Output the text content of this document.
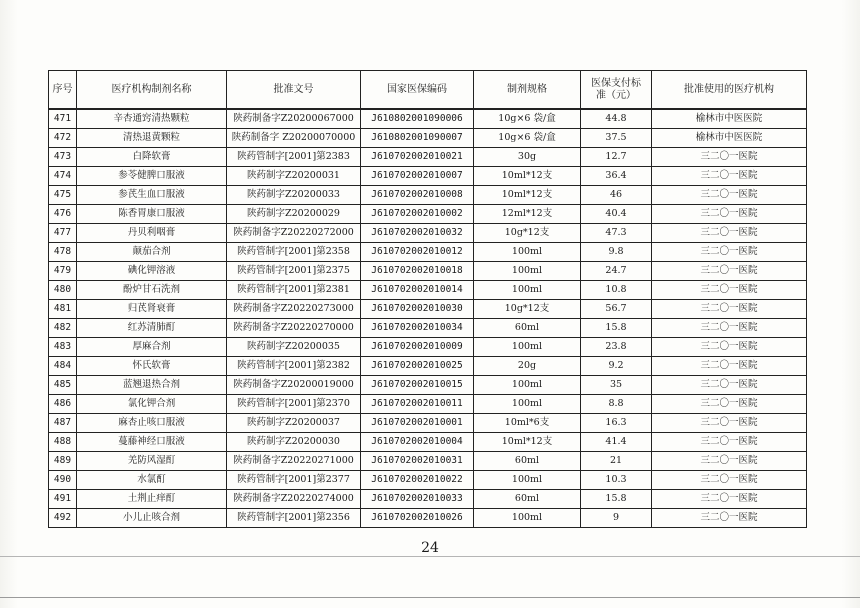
序号	医疗机构制剂名称	批准文号	国家医保编码	制剂规格	医保支付标准（元）	批准使用的医疗机构
471	辛杏通窍清热颗粒	陕药制备字Z20200067000	J610802001090006	10g×6 袋/盒	44.8	榆林市中医医院
472	清热退黄颗粒	陕药制备字 Z20200070000	J610802001090007	10g×6 袋/盒	37.5	榆林市中医医院
473	白降软膏	陕药管制字[2001]第2383	J610702002010021	30g	12.7	三二〇一医院
474	参苓健脾口服液	陕药制字Z20200031	J610702002010007	10ml*12支	36.4	三二〇一医院
475	参芪生血口服液	陕药制字Z20200033	J610702002010008	10ml*12支	46	三二〇一医院
476	陈香胃康口服液	陕药制字Z20200029	J610702002010002	12ml*12支	40.4	三二〇一医院
477	丹贝利咽膏	陕药制备字Z20220272000	J610702002010032	10g*12支	47.3	三二〇一医院
478	颠茄合剂	陕药管制字[2001]第2358	J610702002010012	100ml	9.8	三二〇一医院
479	碘化钾溶液	陕药管制字[2001]第2375	J610702002010018	100ml	24.7	三二〇一医院
480	酚炉甘石洗剂	陕药管制字[2001]第2381	J610702002010014	100ml	10.8	三二〇一医院
481	归芪肾衰膏	陕药制备字Z20220273000	J610702002010030	10g*12支	56.7	三二〇一医院
482	红苏清肺酊	陕药制备字Z20220270000	J610702002010034	60ml	15.8	三二〇一医院
483	厚麻合剂	陕药制字Z20200035	J610702002010009	100ml	23.8	三二〇一医院
484	怀氏软膏	陕药管制字[2001]第2382	J610702002010025	20g	9.2	三二〇一医院
485	蓝翘退热合剂	陕药制备字Z20200019000	J610702002010015	100ml	35	三二〇一医院
486	氯化钾合剂	陕药管制字[2001]第2370	J610702002010011	100ml	8.8	三二〇一医院
487	麻杏止咳口服液	陕药制字Z20200037	J610702002010001	10ml*6支	16.3	三二〇一医院
488	蔓藤神经口服液	陕药制字Z20200030	J610702002010004	10ml*12支	41.4	三二〇一医院
489	羌防风湿酊	陕药制备字Z20220271000	J610702002010031	60ml	21	三二〇一医院
490	水氯酊	陕药管制字[2001]第2377	J610702002010022	100ml	10.3	三二〇一医院
491	土荆止痒酊	陕药制备字Z20220274000	J610702002010033	60ml	15.8	三二〇一医院
492	小儿止咳合剂	陕药管制字[2001]第2356	J610702002010026	100ml	9	三二〇一医院
24
